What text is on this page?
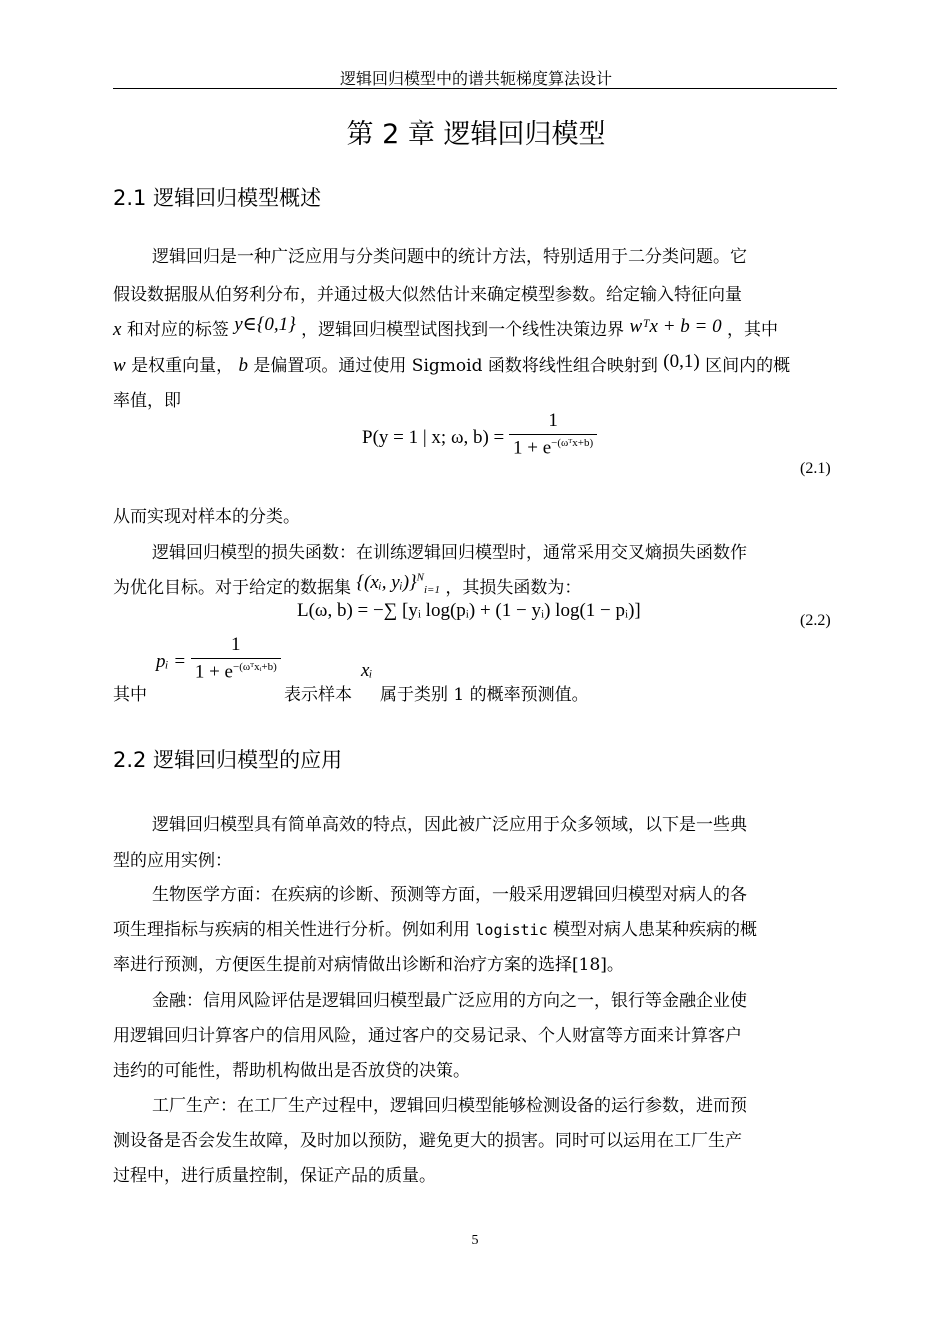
逻辑回归模型中的谱共轭梯度算法设计
第 2 章 逻辑回归模型
2.1 逻辑回归模型概述
逻辑回归是一种广泛应用与分类问题中的统计方法，特别适用于二分类问题。它
假设数据服从伯努利分布，并通过极大似然估计来确定模型参数。给定输入特征向量
x 和对应的标签 y∈{0,1} ，逻辑回归模型试图找到一个线性决策边界 wᵀx + b = 0 ，其中
w 是权重向量， b 是偏置项。通过使用 Sigmoid 函数将线性组合映射到 (0,1) 区间内的概
率值，即
P(y = 1 | x; ω, $b) = \frac{1}{1 + e^{-(\omega ᵀx+b)}}$
(2.1)
从而实现对样本的分类。
逻辑回归模型的损失函数：在训练逻辑回归模型时，通常采用交叉熵损失函数作
为优化目标。对于给定的数据集 {(xᵢ, yᵢ)}$^N_{i=1}$ ，其损失函数为：
L(ω, b) = −∑ [yᵢ log(pᵢ) + (1 − yᵢ) log(1 − pᵢ)]	(2.2)
pᵢ = $\frac{1}{1 + e^{-(\omega ᵀxᵢ+b)}}$
其中	表示样本
xᵢ
属于类别 1 的概率预测值。
2.2 逻辑回归模型的应用
逻辑回归模型具有简单高效的特点，因此被广泛应用于众多领域，以下是一些典
型的应用实例：
生物医学方面：在疾病的诊断、预测等方面，一般采用逻辑回归模型对病人的各
项生理指标与疾病的相关性进行分析。例如利用 logistic 模型对病人患某种疾病的概
率进行预测，方便医生提前对病情做出诊断和治疗方案的选择[18]。
金融：信用风险评估是逻辑回归模型最广泛应用的方向之一，银行等金融企业使
用逻辑回归计算客户的信用风险，通过客户的交易记录、个人财富等方面来计算客户
违约的可能性，帮助机构做出是否放贷的决策。
工厂生产：在工厂生产过程中，逻辑回归模型能够检测设备的运行参数，进而预
测设备是否会发生故障，及时加以预防，避免更大的损害。同时可以运用在工厂生产
过程中，进行质量控制，保证产品的质量。
5
